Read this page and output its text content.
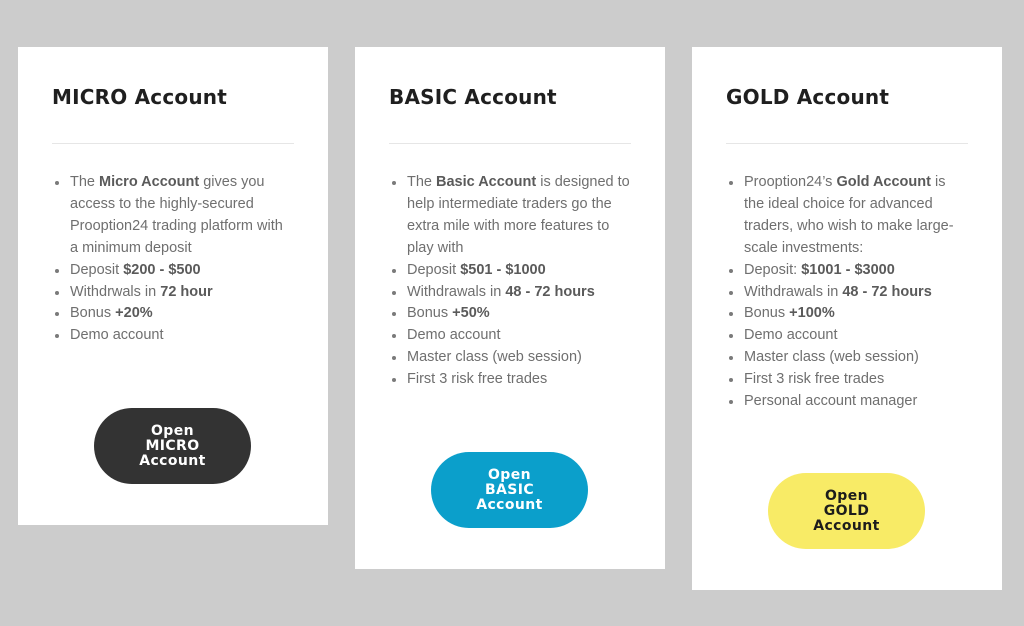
MICRO Account
The Micro Account gives you access to the highly-secured Prooption24 trading platform with a minimum deposit
Deposit $200 - $500
Withdrwals in 72 hour
Bonus +20%
Demo account
Open
MICRO
Account
BASIC Account
The Basic Account is designed to help intermediate traders go the extra mile with more features to play with
Deposit $501 - $1000
Withdrawals in 48 - 72 hours
Bonus +50%
Demo account
Master class (web session)
First 3 risk free trades
Open
BASIC
Account
GOLD Account
Prooption24’s Gold Account is the ideal choice for advanced traders, who wish to make large-scale investments:
Deposit: $1001 - $3000
Withdrawals in 48 - 72 hours
Bonus +100%
Demo account
Master class (web session)
First 3 risk free trades
Personal account manager
Open
GOLD
Account
